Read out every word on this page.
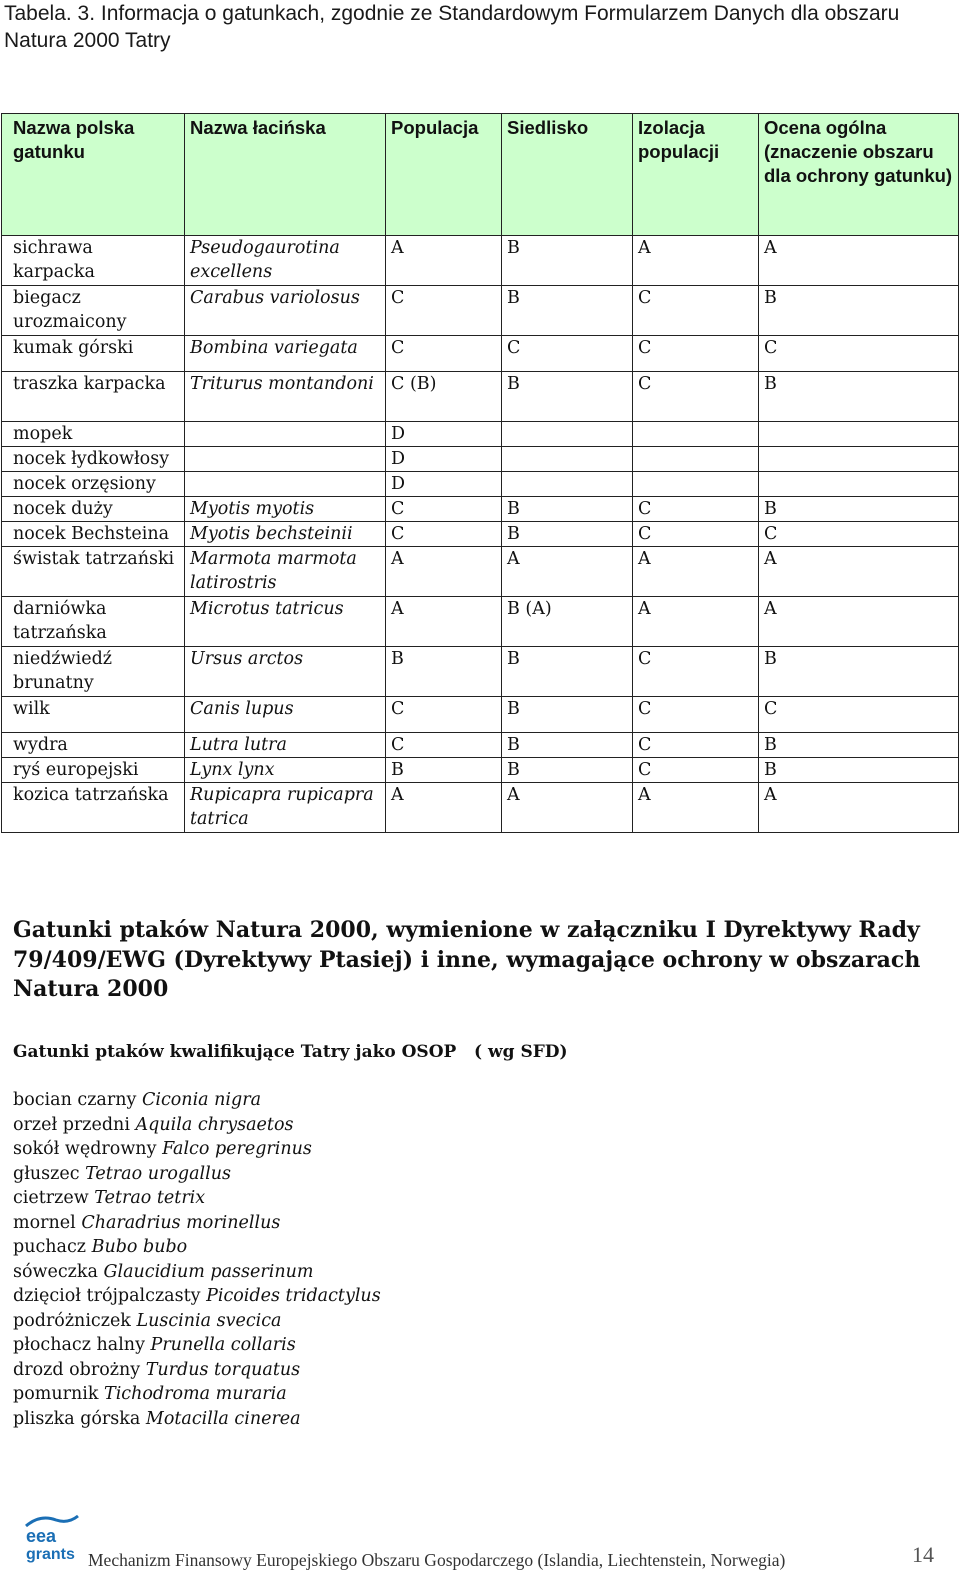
Tabela. 3. Informacja o gatunkach, zgodnie ze Standardowym Formularzem Danych dla obszaru Natura 2000 Tatry
Nazwa polska gatunku	Nazwa łacińska	Populacja	Siedlisko	Izolacja populacji	Ocena ogólna (znaczenie obszaru dla ochrony gatunku)
sichrawa karpacka	Pseudogaurotina excellens	A	B	A	A
biegacz urozmaicony	Carabus variolosus	C	B	C	B
kumak górski	Bombina variegata	C	C	C	C
traszka karpacka	Triturus montandoni	C (B)	B	C	B
mopek		D			
nocek łydkowłosy		D			
nocek orzęsiony		D			
nocek duży	Myotis myotis	C	B	C	B
nocek Bechsteina	Myotis bechsteinii	C	B	C	C
świstak tatrzański	Marmota marmota latirostris	A	A	A	A
darniówka tatrzańska	Microtus tatricus	A	B (A)	A	A
niedźwiedź brunatny	Ursus arctos	B	B	C	B
wilk	Canis lupus	C	B	C	C
wydra	Lutra lutra	C	B	C	B
ryś europejski	Lynx lynx	B	B	C	B
kozica tatrzańska	Rupicapra rupicapra tatrica	A	A	A	A
Gatunki ptaków Natura 2000, wymienione w załączniku I Dyrektywy Rady 79/409/EWG (Dyrektywy Ptasiej) i inne, wymagające ochrony w obszarach Natura 2000
Gatunki ptaków kwalifikujące Tatry jako OSOP   ( wg SFD)
bocian czarny Ciconia nigra
orzeł przedni Aquila chrysaetos
sokół wędrowny Falco peregrinus
głuszec Tetrao urogallus
cietrzew Tetrao tetrix
mornel Charadrius morinellus
puchacz Bubo bubo
sóweczka Glaucidium passerinum
dzięcioł trójpalczasty Picoides tridactylus
podróżniczek Luscinia svecica
płochacz halny Prunella collaris
drozd obrożny Turdus torquatus
pomurnik Tichodroma muraria
pliszka górska Motacilla cinerea
eea
grants Mechanizm Finansowy Europejskiego Obszaru Gospodarczego (Islandia, Liechtenstein, Norwegia)	14
